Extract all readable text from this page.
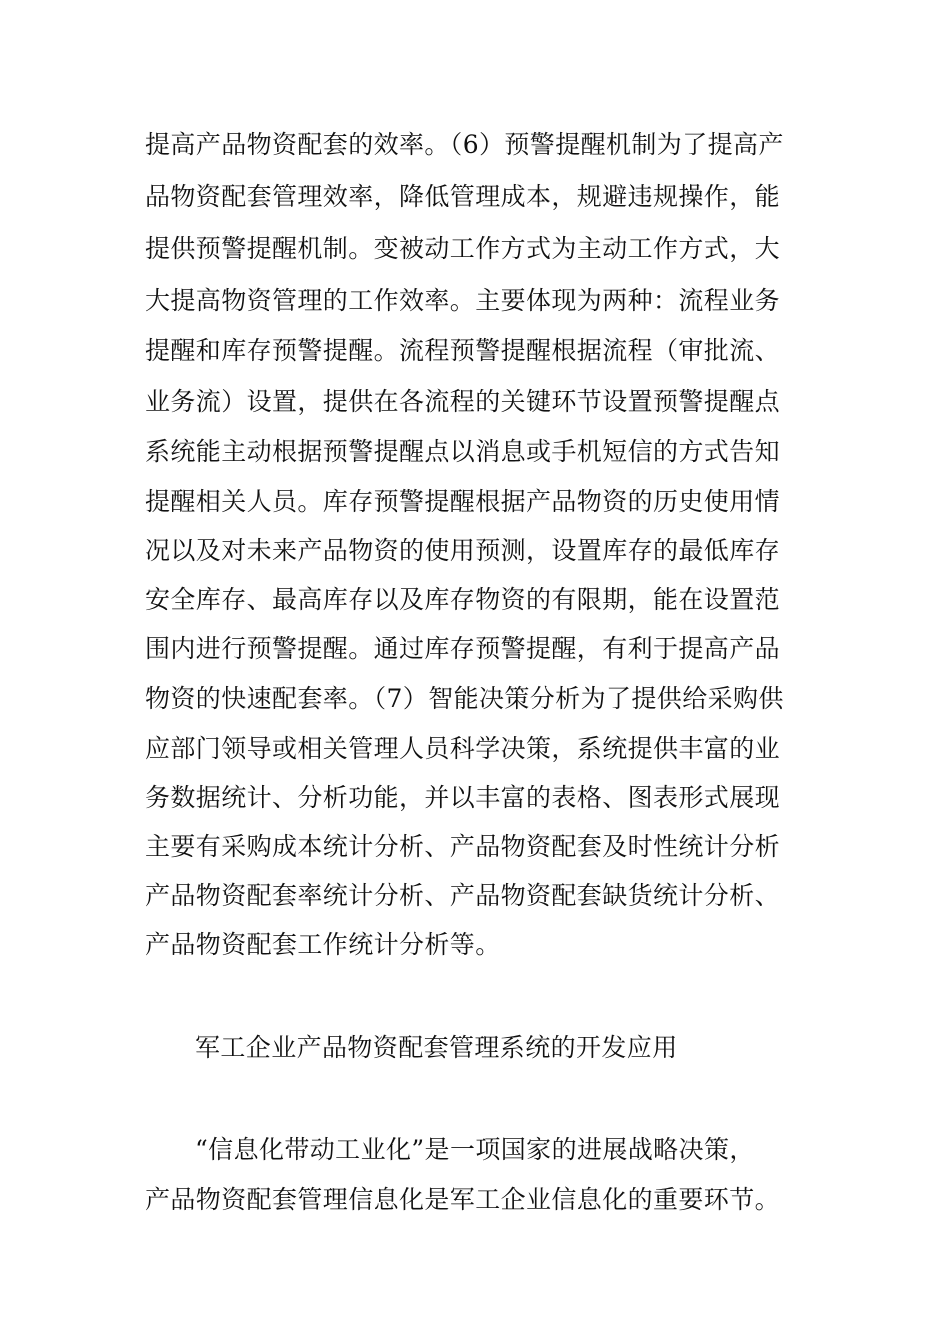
提高产品物资配套的效率。（6）预警提醒机制为了提高产
品物资配套管理效率，降低管理成本，规避违规操作，能
提供预警提醒机制。变被动工作方式为主动工作方式，大
大提高物资管理的工作效率。主要体现为两种：流程业务
提醒和库存预警提醒。流程预警提醒根据流程（审批流、
业务流）设置，提供在各流程的关键环节设置预警提醒点
系统能主动根据预警提醒点以消息或手机短信的方式告知
提醒相关人员。库存预警提醒根据产品物资的历史使用情
况以及对未来产品物资的使用预测，设置库存的最低库存
安全库存、最高库存以及库存物资的有限期，能在设置范
围内进行预警提醒。通过库存预警提醒，有利于提高产品
物资的快速配套率。（7）智能决策分析为了提供给采购供
应部门领导或相关管理人员科学决策，系统提供丰富的业
务数据统计、分析功能，并以丰富的表格、图表形式展现
主要有采购成本统计分析、产品物资配套及时性统计分析
产品物资配套率统计分析、产品物资配套缺货统计分析、
产品物资配套工作统计分析等。
军工企业产品物资配套管理系统的开发应用
“信息化带动工业化”是一项国家的进展战略决策，
产品物资配套管理信息化是军工企业信息化的重要环节。
